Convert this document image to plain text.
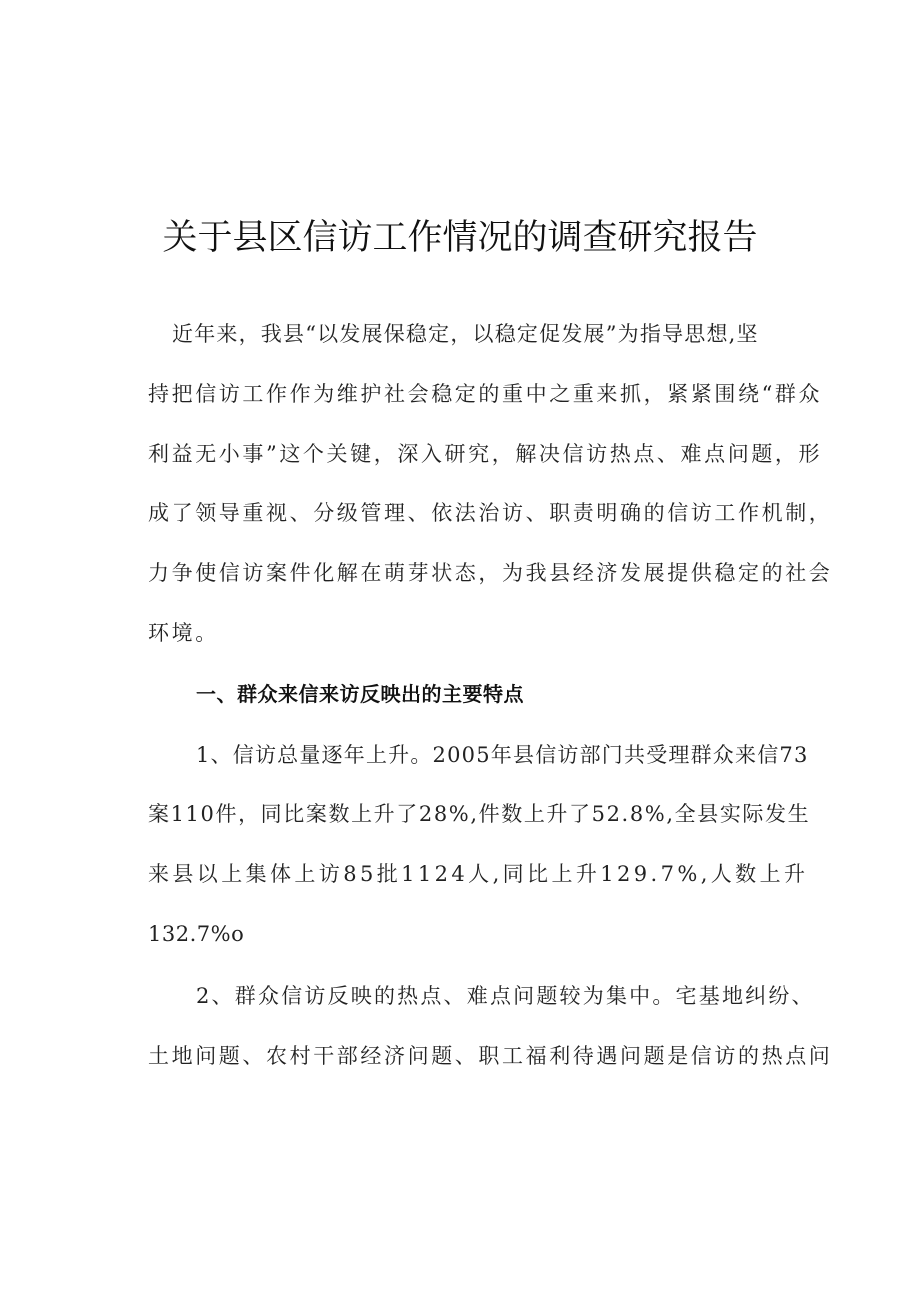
关于县区信访工作情况的调查研究报告

近年来，我县“以发展保稳定，以稳定促发展”为指导思想,坚

持把信访工作作为维护社会稳定的重中之重来抓，紧紧围绕“群众

利益无小事”这个关键，深入研究，解决信访热点、难点问题，形

成了领导重视、分级管理、依法治访、职责明确的信访工作机制，

力争使信访案件化解在萌芽状态，为我县经济发展提供稳定的社会

环境。

一、群众来信来访反映出的主要特点

1、信访总量逐年上升。2005年县信访部门共受理群众来信73

案110件，同比案数上升了28%,件数上升了52.8%,全县实际发生

来县以上集体上访85批1124人,同比上升129.7%,人数上升

132.7%o

2、群众信访反映的热点、难点问题较为集中。宅基地纠纷、

土地问题、农村干部经济问题、职工福利待遇问题是信访的热点问
